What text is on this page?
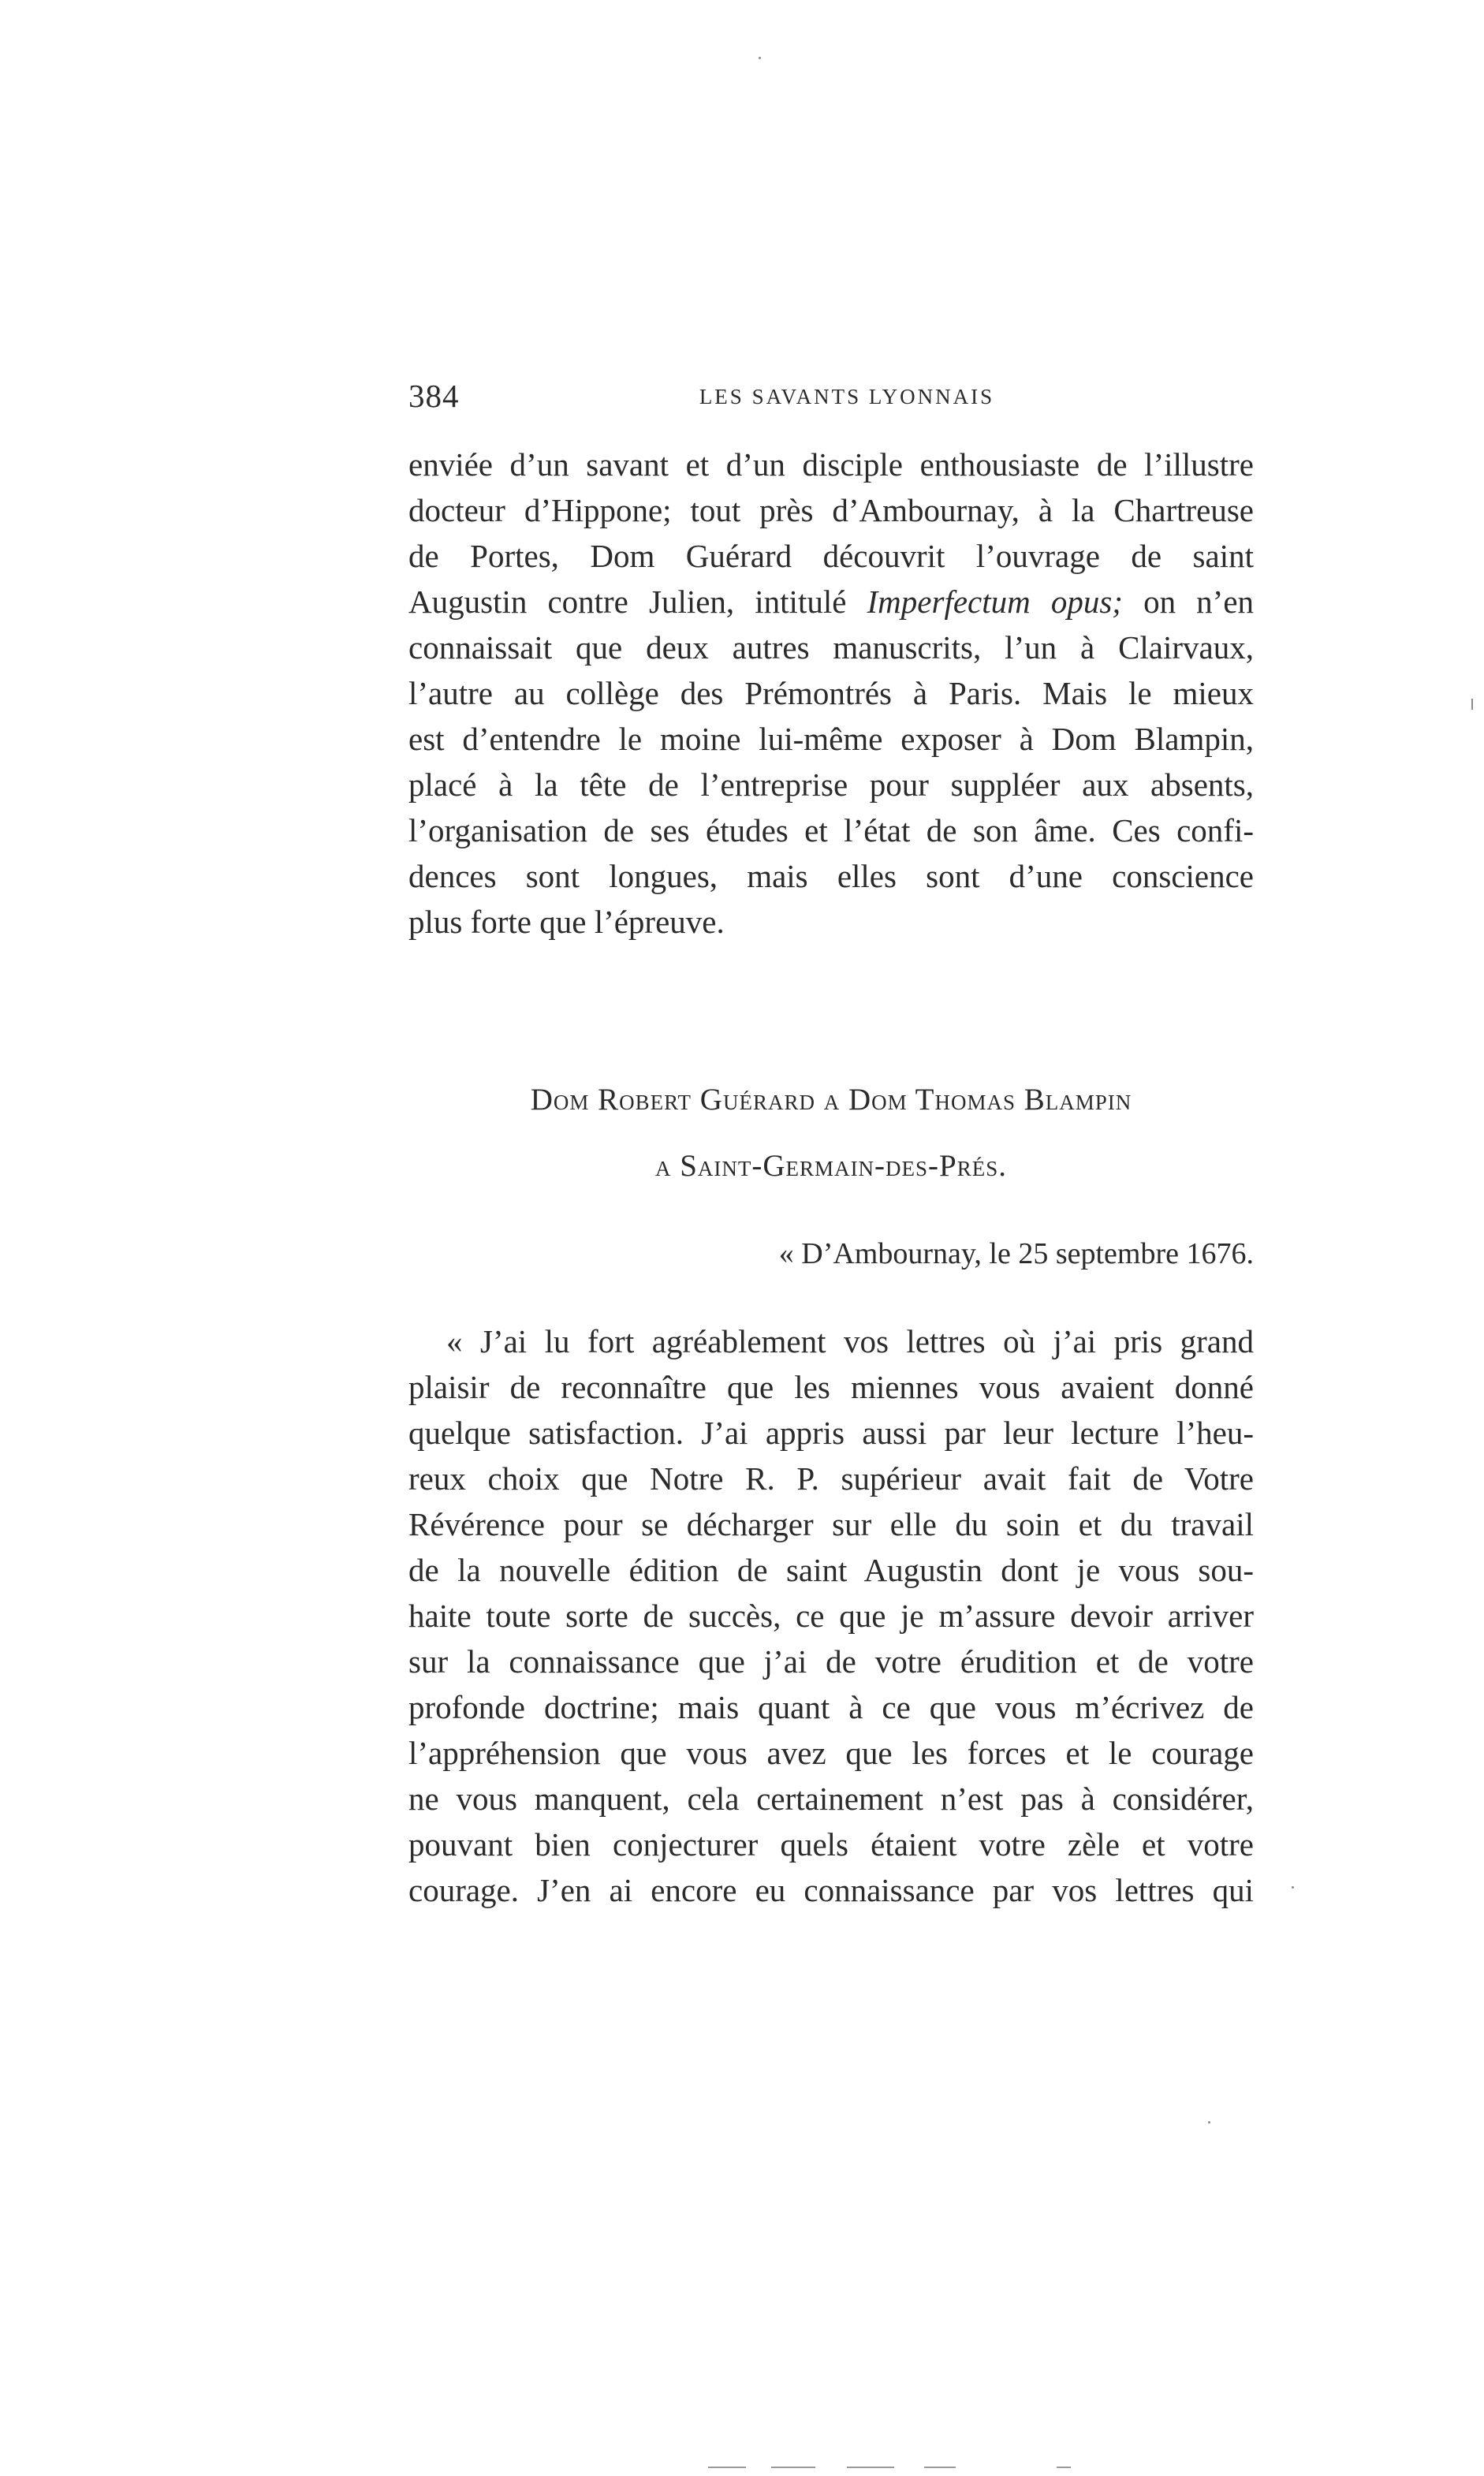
384	LES SAVANTS LYONNAIS
enviée d’un savant et d’un disciple enthousiaste de l’illustre
docteur d’Hippone; tout près d’Ambournay, à la Chartreuse
de Portes, Dom Guérard découvrit l’ouvrage de saint
Augustin contre Julien, intitulé Imperfectum opus; on n’en
connaissait que deux autres manuscrits, l’un à Clairvaux,
l’autre au collège des Prémontrés à Paris. Mais le mieux
est d’entendre le moine lui-même exposer à Dom Blampin,
placé à la tête de l’entreprise pour suppléer aux absents,
l’organisation de ses études et l’état de son âme. Ces confi-
dences sont longues, mais elles sont d’une conscience
plus forte que l’épreuve.
Dom Robert Guérard a Dom Thomas Blampin
a Saint-Germain-des-Prés.
« D’Ambournay, le 25 septembre 1676.
« J’ai lu fort agréablement vos lettres où j’ai pris grand
plaisir de reconnaître que les miennes vous avaient donné
quelque satisfaction. J’ai appris aussi par leur lecture l’heu-
reux choix que Notre R. P. supérieur avait fait de Votre
Révérence pour se décharger sur elle du soin et du travail
de la nouvelle édition de saint Augustin dont je vous sou-
haite toute sorte de succès, ce que je m’assure devoir arriver
sur la connaissance que j’ai de votre érudition et de votre
profonde doctrine; mais quant à ce que vous m’écrivez de
l’appréhension que vous avez que les forces et le courage
ne vous manquent, cela certainement n’est pas à considérer,
pouvant bien conjecturer quels étaient votre zèle et votre
courage. J’en ai encore eu connaissance par vos lettres qui
